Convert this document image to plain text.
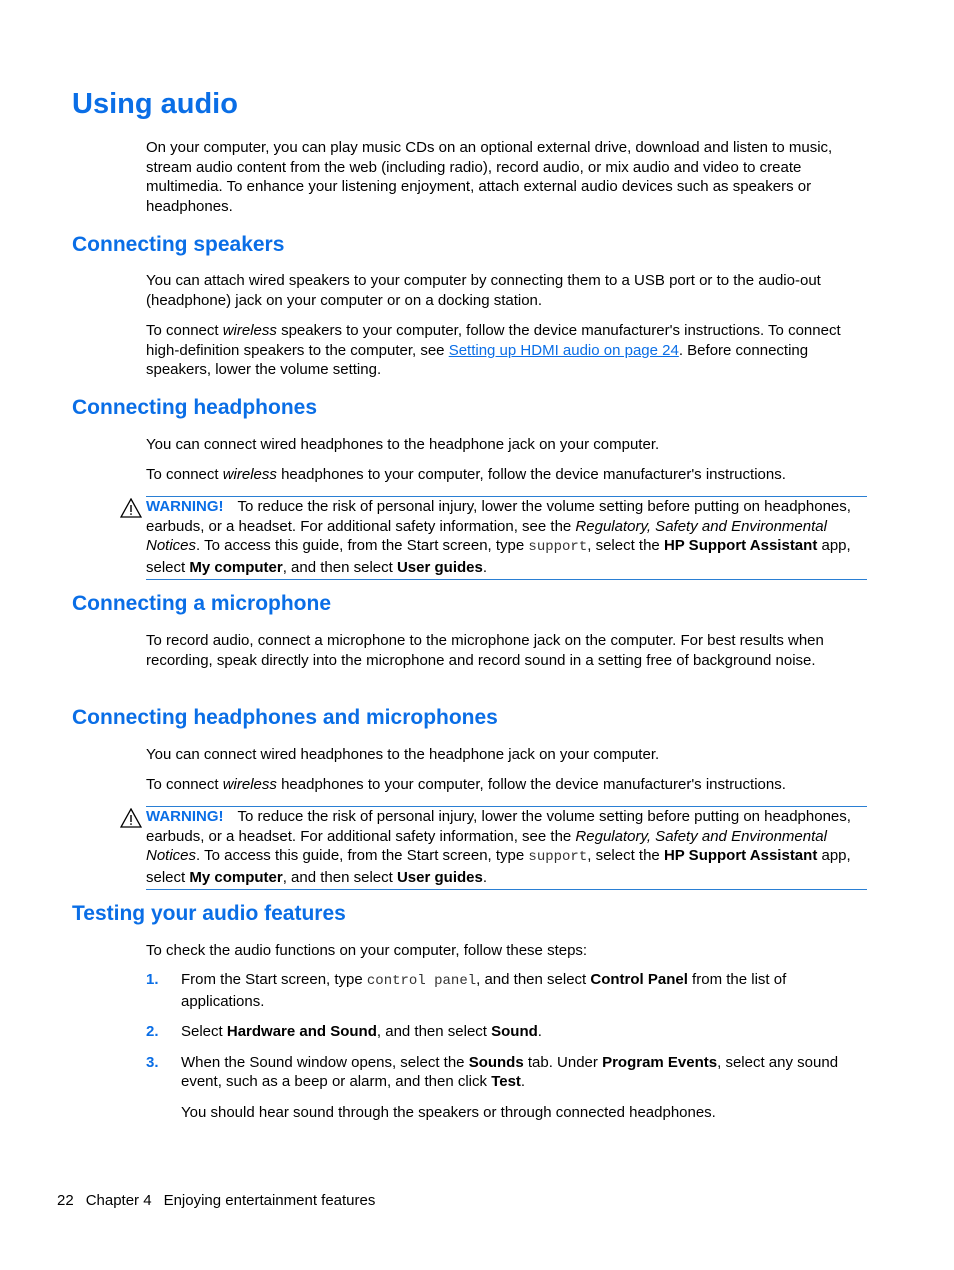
Using audio

On your computer, you can play music CDs on an optional external drive, download and listen to music, stream audio content from the web (including radio), record audio, or mix audio and video to create multimedia. To enhance your listening enjoyment, attach external audio devices such as speakers or headphones.

Connecting speakers

You can attach wired speakers to your computer by connecting them to a USB port or to the audio-out (headphone) jack on your computer or on a docking station.

To connect wireless speakers to your computer, follow the device manufacturer's instructions. To connect high-definition speakers to the computer, see Setting up HDMI audio on page 24. Before connecting speakers, lower the volume setting.

Connecting headphones

You can connect wired headphones to the headphone jack on your computer.

To connect wireless headphones to your computer, follow the device manufacturer's instructions.

WARNING! To reduce the risk of personal injury, lower the volume setting before putting on headphones, earbuds, or a headset. For additional safety information, see the Regulatory, Safety and Environmental Notices. To access this guide, from the Start screen, type support, select the HP Support Assistant app, select My computer, and then select User guides.
Connecting a microphone

To record audio, connect a microphone to the microphone jack on the computer. For best results when recording, speak directly into the microphone and record sound in a setting free of background noise.

Connecting headphones and microphones

You can connect wired headphones to the headphone jack on your computer.

To connect wireless headphones to your computer, follow the device manufacturer's instructions.

WARNING! To reduce the risk of personal injury, lower the volume setting before putting on headphones, earbuds, or a headset. For additional safety information, see the Regulatory, Safety and Environmental Notices. To access this guide, from the Start screen, type support, select the HP Support Assistant app, select My computer, and then select User guides.
Testing your audio features

To check the audio functions on your computer, follow these steps:

1. From the Start screen, type control panel, and then select Control Panel from the list of applications.
2. Select Hardware and Sound, and then select Sound.
3. When the Sound window opens, select the Sounds tab. Under Program Events, select any sound event, such as a beep or alarm, and then click Test.
You should hear sound through the speakers or through connected headphones.
22 Chapter 4 Enjoying entertainment features
